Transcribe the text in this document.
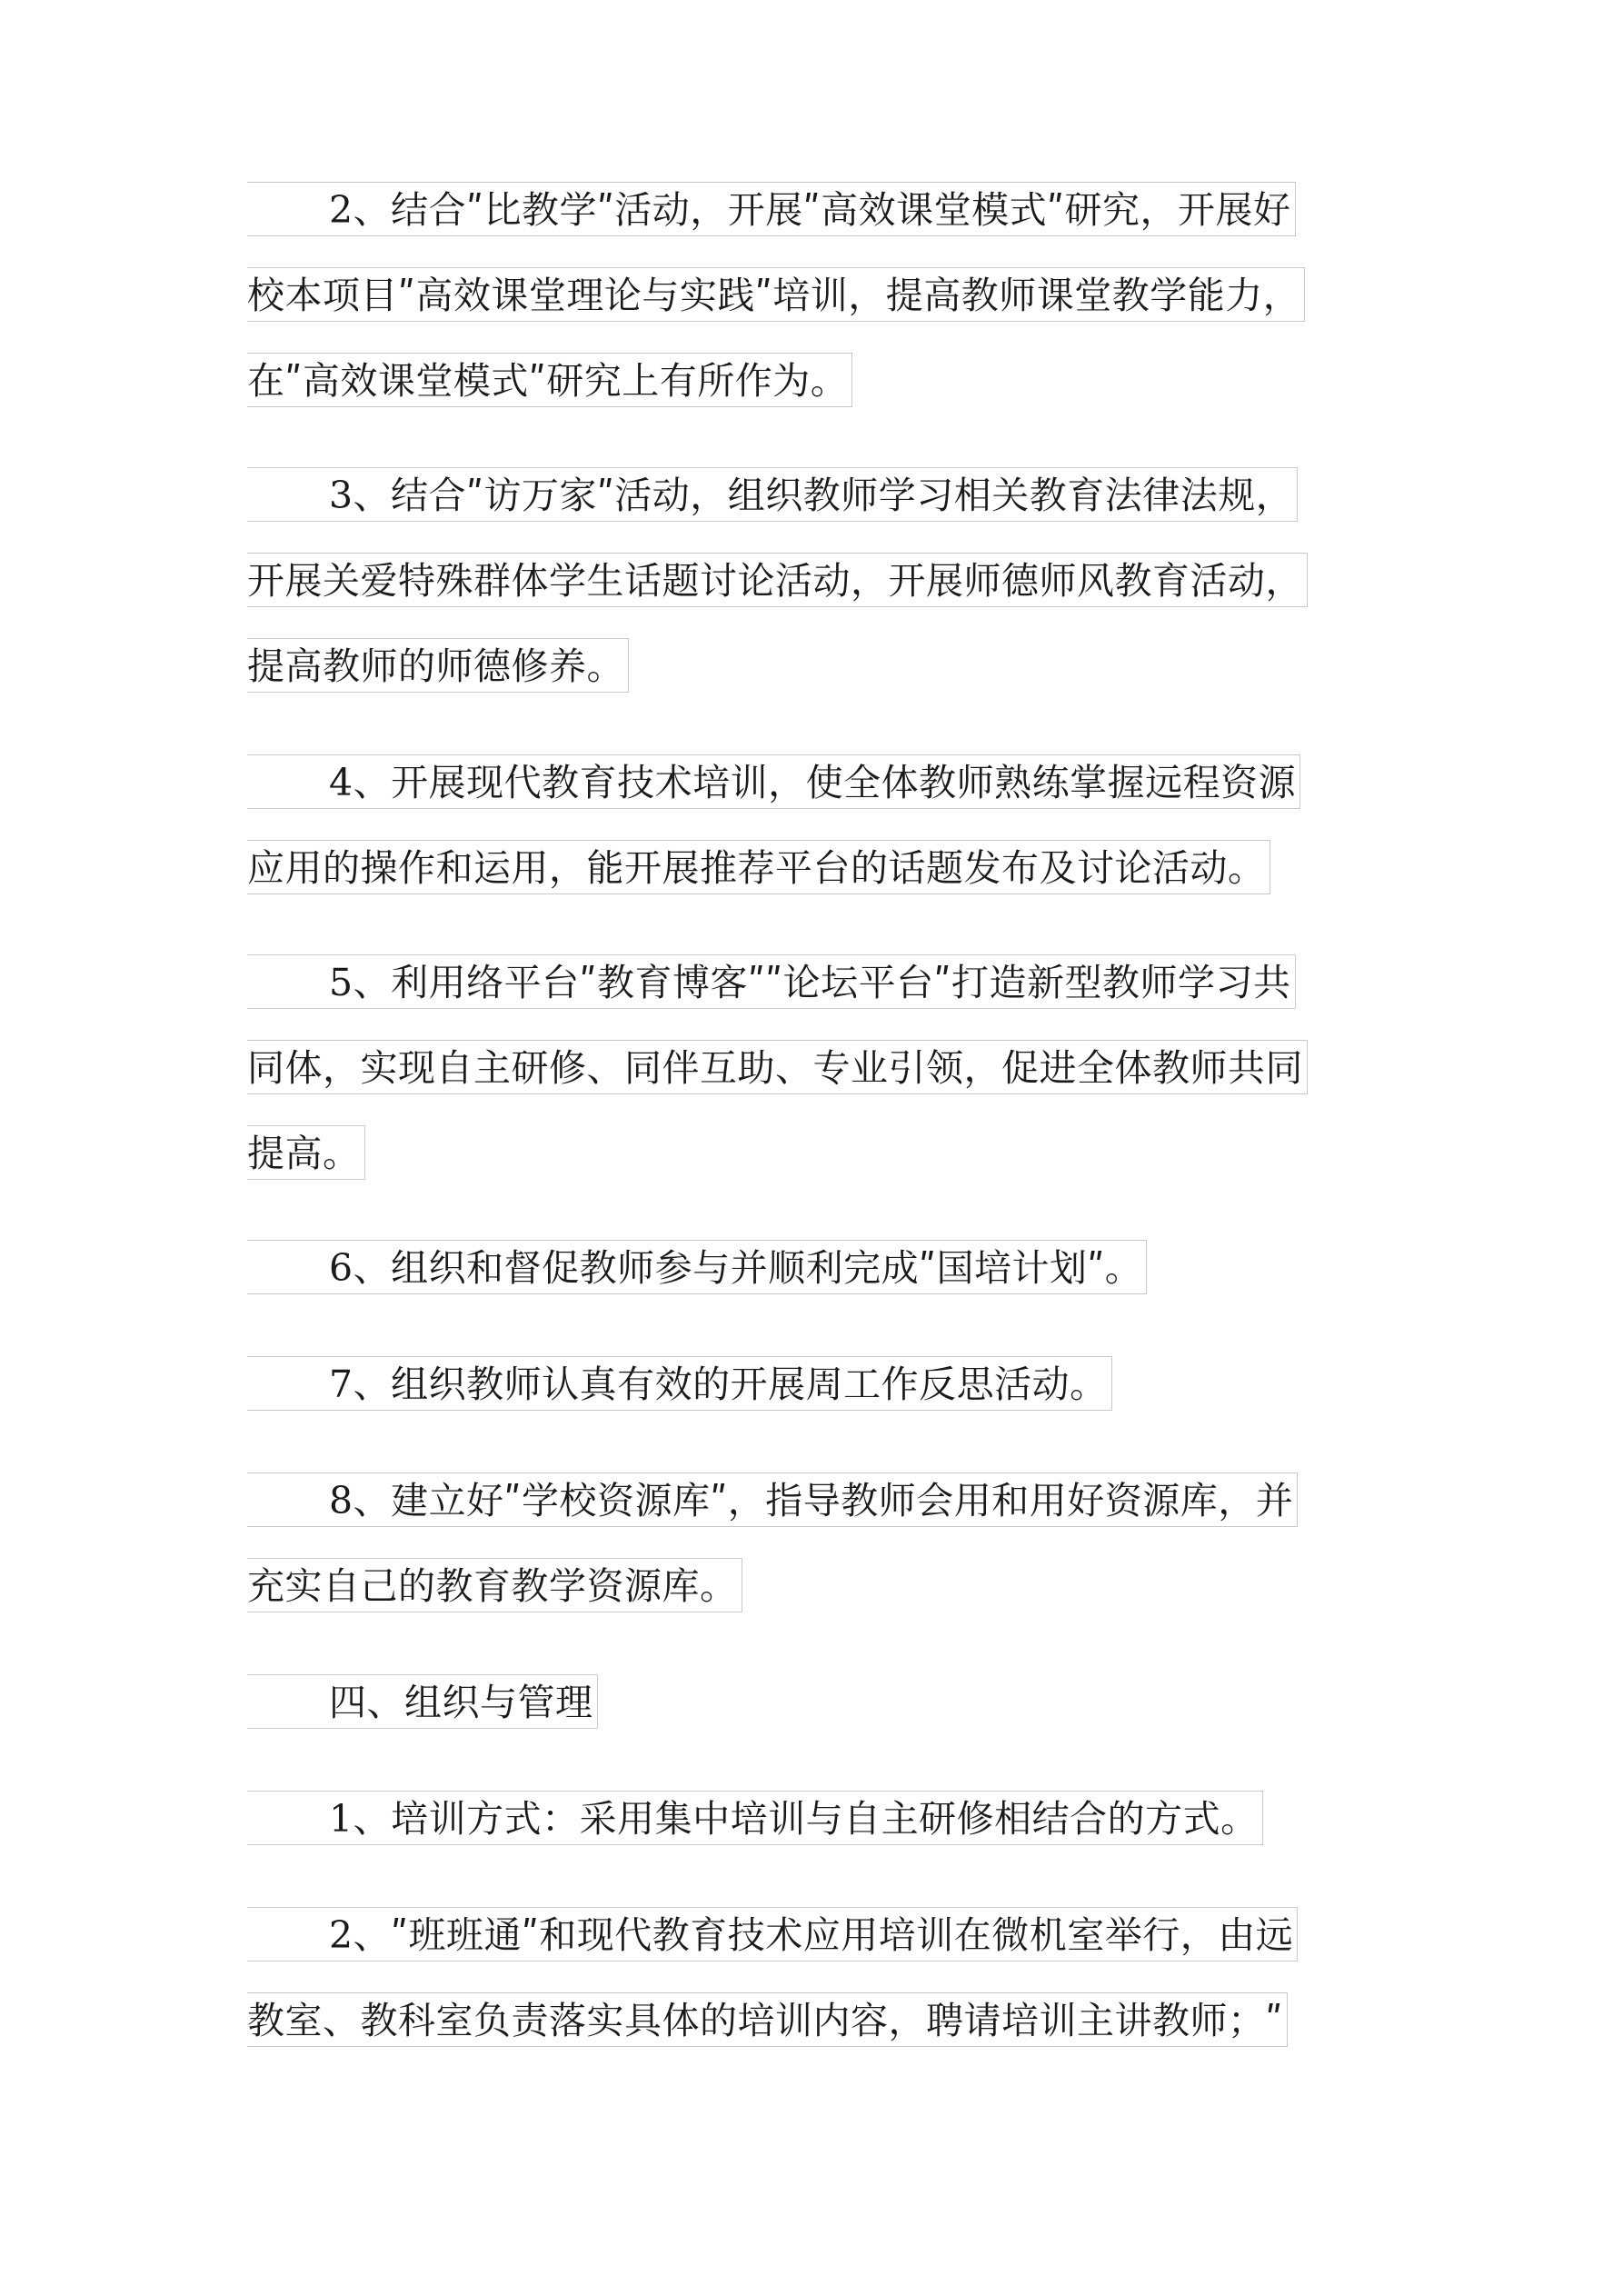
2、结合ʺ比教学ʺ活动，开展ʺ高效课堂模式ʺ研究，开展好
校本项目ʺ高效课堂理论与实践ʺ培训，提高教师课堂教学能力，
在ʺ高效课堂模式ʺ研究上有所作为。
3、结合ʺ访万家ʺ活动，组织教师学习相关教育法律法规，
开展关爱特殊群体学生话题讨论活动，开展师德师风教育活动，
提高教师的师德修养。
4、开展现代教育技术培训，使全体教师熟练掌握远程资源
应用的操作和运用，能开展推荐平台的话题发布及讨论活动。
5、利用络平台ʺ教育博客ʺʺ论坛平台ʺ打造新型教师学习共
同体，实现自主研修、同伴互助、专业引领，促进全体教师共同
提高。
6、组织和督促教师参与并顺利完成ʺ国培计划ʺ。
7、组织教师认真有效的开展周工作反思活动。
8、建立好ʺ学校资源库ʺ，指导教师会用和用好资源库，并
充实自己的教育教学资源库。
四、组织与管理
1、培训方式：采用集中培训与自主研修相结合的方式。
2、ʺ班班通ʺ和现代教育技术应用培训在微机室举行，由远
教室、教科室负责落实具体的培训内容，聘请培训主讲教师；ʺ
